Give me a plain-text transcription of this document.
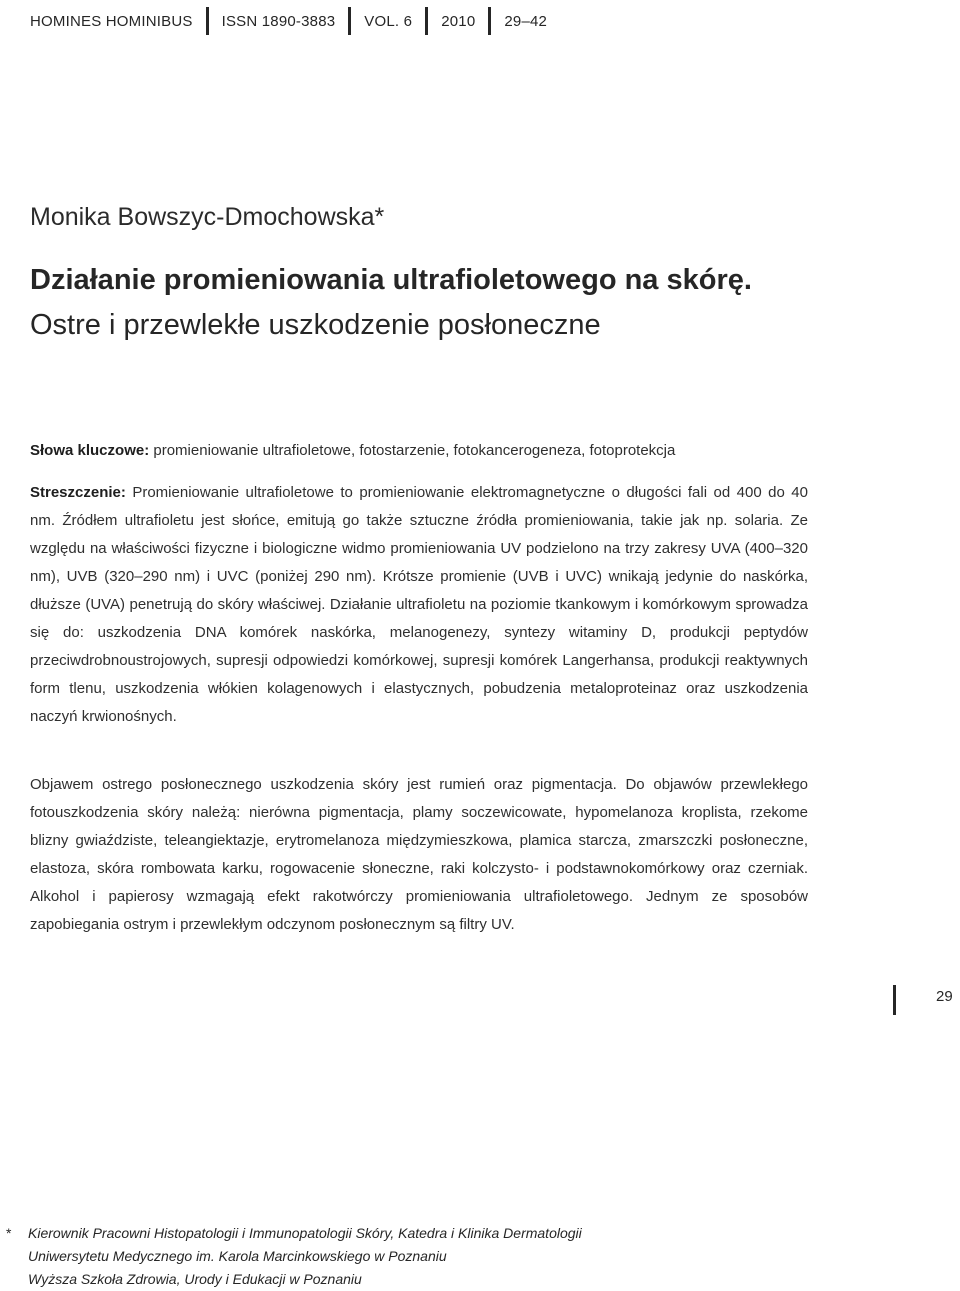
HOMINES HOMINIBUS	ISSN 1890-3883	VOL. 6	2010	29–42
Monika Bowszyc-Dmochowska*
Działanie promieniowania ultrafioletowego na skórę.
Ostre i przewlekłe uszkodzenie posłoneczne
Słowa kluczowe: promieniowanie ultrafioletowe, fotostarzenie, fotokancerogeneza, fotoprotekcja
Streszczenie: Promieniowanie ultrafioletowe to promieniowanie elektromagnetyczne o długości fali od 400 do 40 nm. Źródłem ultrafioletu jest słońce, emitują go także sztuczne źródła promieniowania, takie jak np. solaria. Ze względu na właściwości fizyczne i biologiczne widmo promieniowania UV podzielono na trzy zakresy UVA (400–320 nm), UVB (320–290 nm) i UVC (poniżej 290 nm). Krótsze promienie (UVB i UVC) wnikają jedynie do naskórka, dłuższe (UVA) penetrują do skóry właściwej. Działanie ultrafioletu na poziomie tkankowym i komórkowym sprowadza się do: uszkodzenia DNA komórek naskórka, melanogenezy, syntezy witaminy D, produkcji peptydów przeciwdrobnoustrojowych, supresji odpowiedzi komórkowej, supresji komórek Langerhansa, produkcji reaktywnych form tlenu, uszkodzenia włókien kolagenowych i elastycznych, pobudzenia metaloproteinaz oraz uszkodzenia naczyń krwionośnych.
Objawem ostrego posłonecznego uszkodzenia skóry jest rumień oraz pigmentacja. Do objawów przewlekłego fotouszkodzenia skóry należą: nierówna pigmentacja, plamy soczewicowate, hypomelanoza kroplista, rzekome blizny gwiaździste, teleangiektazje, erytromelanoza międzymieszkowa, plamica starcza, zmarszczki posłoneczne, elastoza, skóra rombowata karku, rogowacenie słoneczne, raki kolczysto- i podstawnokomórkowy oraz czerniak. Alkohol i papierosy wzmagają efekt rakotwórczy promieniowania ultrafioletowego. Jednym ze sposobów zapobiegania ostrym i przewlekłym odczynom posłonecznym są filtry UV.
29
* Kierownik Pracowni Histopatologii i Immunopatologii Skóry, Katedra i Klinika Dermatologii
Uniwersytetu Medycznego im. Karola Marcinkowskiego w Poznaniu
Wyższa Szkoła Zdrowia, Urody i Edukacji w Poznaniu
